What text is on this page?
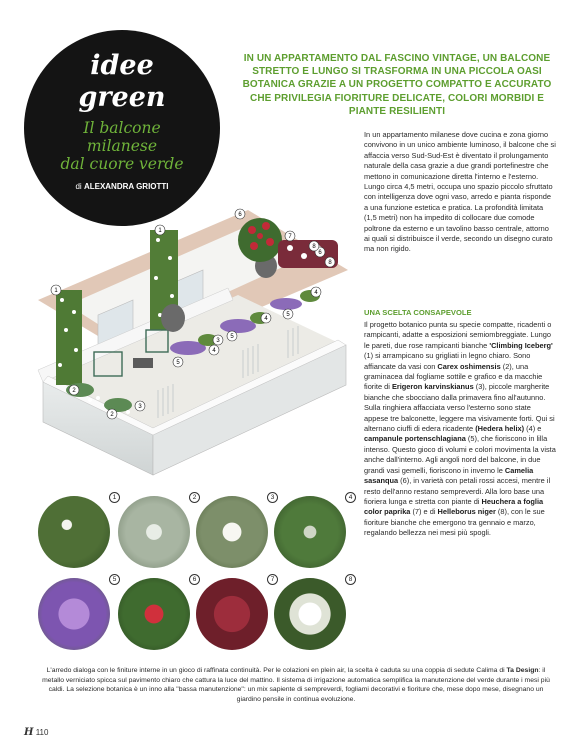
idee
green
Il balcone
milanese
dal cuore verde
di ALEXANDRA GRIOTTI
IN UN APPARTAMENTO DAL FASCINO VINTAGE, UN BALCONE STRETTO E LUNGO SI TRASFORMA IN UNA PICCOLA OASI BOTANICA GRAZIE A UN PROGETTO COMPATTO E ACCURATO CHE PRIVILEGIA FIORITURE DELICATE, COLORI MORBIDI E PIANTE RESILIENTI
In un appartamento milanese dove cucina e zona giorno convivono in un unico ambiente luminoso, il balcone che si affaccia verso Sud-Sud-Est è diventato il prolungamento naturale della casa grazie a due grandi portefinestre che mettono in comunicazione diretta l'interno e l'esterno. Lungo circa 4,5 metri, occupa uno spazio piccolo sfruttato con intelligenza dove ogni vaso, arredo e pianta risponde a una funzione estetica e pratica. La profondità limitata (1,5 metri) non ha impedito di collocare due comode poltrone da esterno e un tavolino basso centrale, attorno ai quali si distribuisce il verde, secondo un disegno curato ma non rigido.
UNA SCELTA CONSAPEVOLE
Il progetto botanico punta su specie compatte, ricadenti o rampicanti, adatte a esposizioni semiombreggiate. Lungo le pareti, due rose rampicanti bianche 'Climbing Iceberg' (1) si arrampicano su grigliati in legno chiaro. Sono affiancate da vasi con Carex oshimensis (2), una graminacea dal fogliame sottile e grafico e da macchie fiorite di Erigeron karvinskianus (3), piccole margherite bianche che sbocciano dalla primavera fino all'autunno. Sulla ringhiera affacciata verso l'esterno sono state appese tre balconette, leggere ma visivamente forti. Qui si alternano ciuffi di edera ricadente (Hedera helix) (4) e campanule portenschlagiana (5), che fioriscono in lilla intenso. Questo gioco di volumi e colori movimenta la vista anche dall'interno. Agli angoli nord del balcone, in due grandi vasi gemelli, fioriscono in inverno le Camelia sasanqua (6), in varietà con petali rossi accesi, mentre il resto dell'anno restano sempreverdi. Alla loro base una fioriera lunga e stretta con piante di Heuchera a foglia color paprika (7) e di Helleborus niger (8), con le sue fioriture bianche che emergono tra gennaio e marzo, regalando bellezza nei mesi più spogli.
1
1
2
2
3
3
4
4
4
5
5
5
6
6
7
8
8
1	2	3	4
5	6	7	8
L'arredo dialoga con le finiture interne in un gioco di raffinata continuità. Per le colazioni en plein air, la scelta è caduta su una coppia di sedute Calima di Ta Design: il metallo verniciato spicca sul pavimento chiaro che cattura la luce del mattino. Il sistema di irrigazione automatica semplifica la manutenzione del verde durante i mesi più caldi. La selezione botanica è un inno alla "bassa manutenzione": un mix sapiente di sempreverdi, fogliami decorativi e fioriture che, mese dopo mese, disegnano un giardino pensile in continua evoluzione.
H 110
